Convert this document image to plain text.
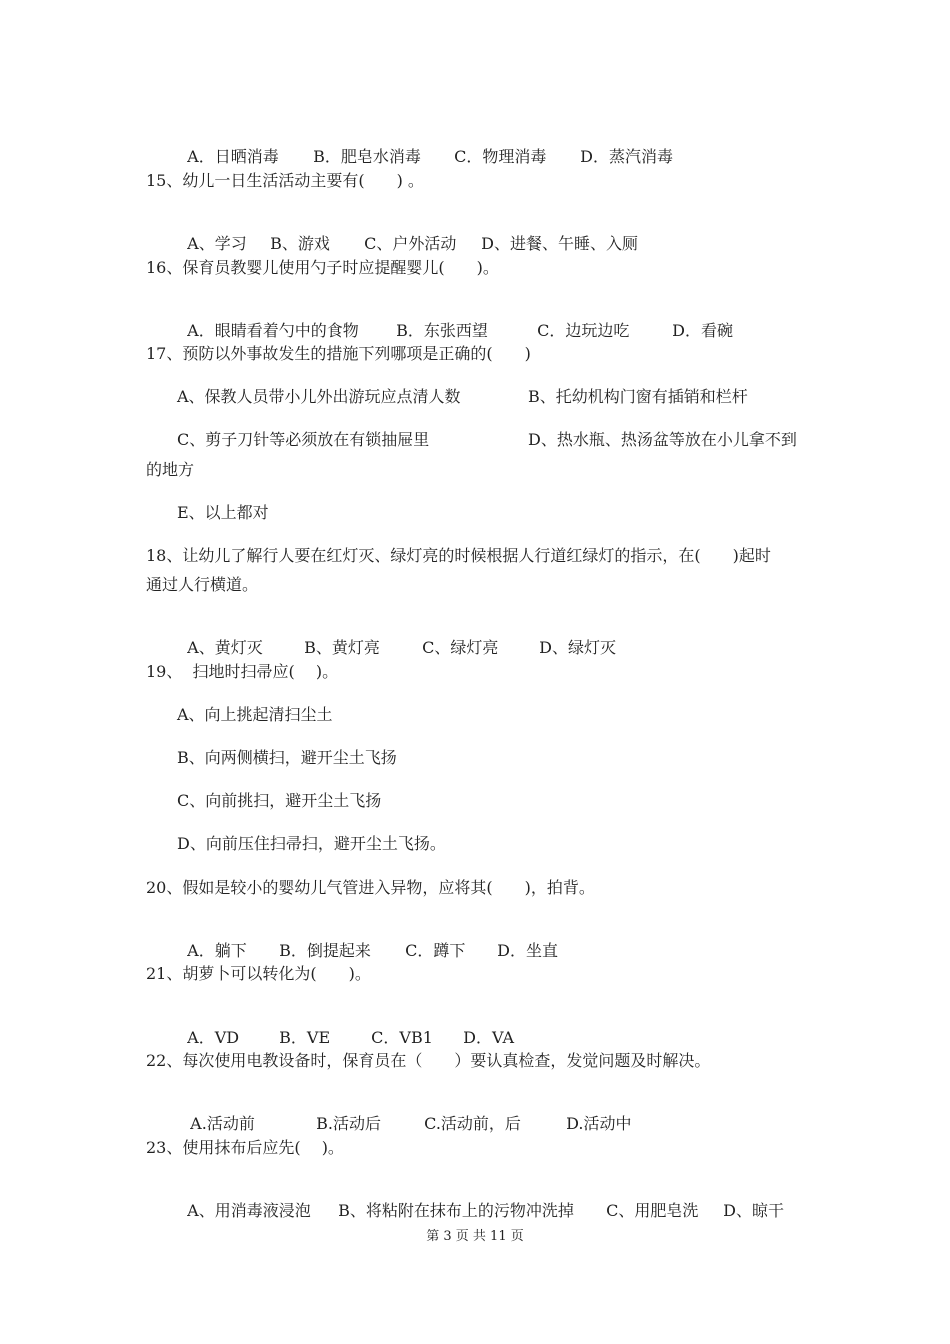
A．日晒消毒 B．肥皂水消毒 C．物理消毒 D．蒸汽消毒

15、幼儿一日生活活动主要有(　　) 。

A、学习 B、游戏 C、户外活动 D、进餐、午睡、入厕

16、保育员教婴儿使用勺子时应提醒婴儿(　　)。

A．眼睛看着勺中的食物 B．东张西望	C．边玩边吃	D．看碗

17、预防以外事故发生的措施下列哪项是正确的(　　)
A、保教人员带小儿外出游玩应点清人数	B、托幼机构门窗有插销和栏杆
C、剪子刀针等必须放在有锁抽屉里	D、热水瓶、热汤盆等放在小儿拿不到
的地方
E、以上都对
18、让幼儿了解行人要在红灯灭、绿灯亮的时候根据人行道红绿灯的指示，在(　　)起时
通过人行横道。

A、黄灯灭	B、黄灯亮	C、绿灯亮	D、绿灯灭

19、  扫地时扫帚应(　 )。
A、向上挑起清扫尘土
B、向两侧横扫，避开尘土飞扬
C、向前挑扫，避开尘土飞扬
D、向前压住扫帚扫，避开尘土飞扬。
20、假如是较小的婴幼儿气管进入异物，应将其(　　)，拍背。

A．躺下 B．倒提起来 C．蹲下 D．坐直

21、胡萝卜可以转化为(　　)。

A．VD	B．VE	C．VB1 D．VA

22、每次使用电教设备时，保育员在（　　）要认真检查，发觉问题及时解决。

A.活动前	B.活动后	C.活动前，后	D.活动中

23、使用抹布后应先(　 )。

A、用消毒液浸泡 B、将粘附在抹布上的污物冲洗掉 C、用肥皂洗 D、晾干

第 3 页 共 11 页
